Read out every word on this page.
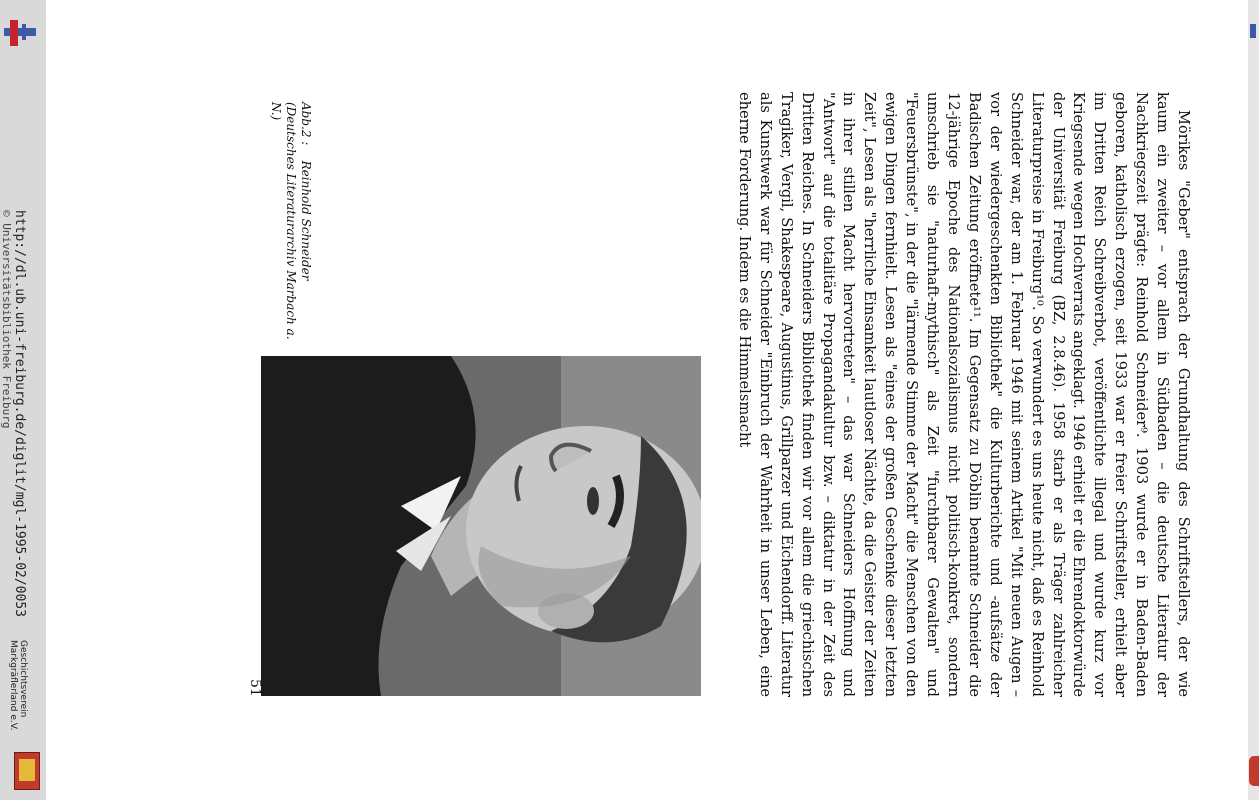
http://dl.ub.uni-freiburg.de/diglit/mgl-1995-02/0053
© Universitätsbibliothek Freiburg
Geschichtsverein
Markgräflerland e.V.	Mörikes "Geber" entsprach der Grundhaltung des Schriftstellers, der wie kaum ein zweiter – vor allem in Südbaden – die deutsche Literatur der Nachkriegszeit prägte: Reinhold Schneider⁹. 1903 wurde er in Baden-Baden geboren, katholisch erzogen, seit 1933 war er freier Schriftsteller, erhielt aber im Dritten Reich Schreibverbot, veröffentlichte illegal und wurde kurz vor Kriegsende wegen Hochverrats angeklagt. 1946 erhielt er die Ehrendoktorwürde der Universität Freiburg (BZ, 2.8.46). 1958 starb er als Träger zahlreicher Literaturpreise in Freiburg¹⁰. So verwundert es uns heute nicht, daß es Reinhold Schneider war, der am 1. Februar 1946 mit seinem Artikel "Mit neuen Augen – vor der wiedergeschenkten Bibliothek" die Kulturberichte und -aufsätze der Badischen Zeitung eröffnete¹¹. Im Gegensatz zu Döblin benannte Schneider die 12-jährige Epoche des Nationalsozialismus nicht politisch-konkret, sondern umschrieb sie "naturhaft-mythisch" als Zeit "furchtbarer Gewalten" und "Feuersbrünste", in der die "lärmende Stimme der Macht" die Menschen von den ewigen Dingen fernhielt. Lesen als "eines der großen Geschenke dieser letzten Zeit", Lesen als "herrliche Einsamkeit lautloser Nächte, da die Geister der Zeiten in ihrer stillen Macht hervortreten" – das war Schneiders Hoffnung und "Antwort" auf die totalitäre Propagandakultur bzw. – diktatur in der Zeit des Dritten Reiches. In Schneiders Bibliothek finden wir vor allem die griechischen Tragiker, Vergil, Shakespeare, Augustinus, Grillparzer und Eichendorff. Literatur als Kunstwerk war für Schneider "Einbruch der Wahrheit in unser Leben, eine eherne Forderung. Indem es die Himmelsmacht

Abb.2 :    Reinhold Schneider
(Deutsches Literaturarchiv Marbach a. N.)
51
